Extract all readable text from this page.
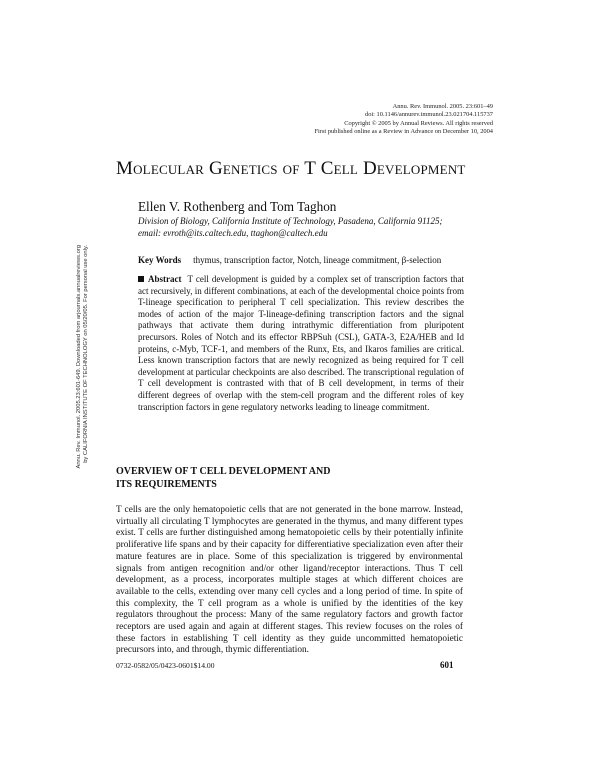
Annu. Rev. Immunol. 2005. 23:601–49
doi: 10.1146/annurev.immunol.23.021704.115737
Copyright © 2005 by Annual Reviews. All rights reserved
First published online as a Review in Advance on December 10, 2004
Molecular Genetics of T Cell Development
Ellen V. Rothenberg and Tom Taghon
Division of Biology, California Institute of Technology, Pasadena, California 91125;
email: evroth@its.caltech.edu, ttaghon@caltech.edu
Key Words thymus, transcription factor, Notch, lineage commitment, β-selection
Abstract T cell development is guided by a complex set of transcription factors that act recursively, in different combinations, at each of the developmental choice points from T-lineage specification to peripheral T cell specialization. This review describes the modes of action of the major T-lineage-defining transcription factors and the signal pathways that activate them during intrathymic differentiation from pluripotent precursors. Roles of Notch and its effector RBPSuh (CSL), GATA-3, E2A/HEB and Id proteins, c-Myb, TCF-1, and members of the Runx, Ets, and Ikaros families are critical. Less known transcription factors that are newly recognized as being required for T cell development at particular checkpoints are also described. The transcriptional regulation of T cell development is contrasted with that of B cell development, in terms of their different degrees of overlap with the stem-cell program and the different roles of key transcription factors in gene regulatory networks leading to lineage commitment.
Annu. Rev. Immunol. 2005.23:601-649. Downloaded from arjournals.annualreviews.org by CALIFORNIA INSTITUTE OF TECHNOLOGY on 05/20/05. For personal use only.
OVERVIEW OF T CELL DEVELOPMENT AND
ITS REQUIREMENTS
T cells are the only hematopoietic cells that are not generated in the bone marrow. Instead, virtually all circulating T lymphocytes are generated in the thymus, and many different types exist. T cells are further distinguished among hematopoietic cells by their potentially infinite proliferative life spans and by their capacity for differentiative specialization even after their mature features are in place. Some of this specialization is triggered by environmental signals from antigen recognition and/or other ligand/receptor interactions. Thus T cell development, as a process, incorporates multiple stages at which different choices are available to the cells, extending over many cell cycles and a long period of time. In spite of this complexity, the T cell program as a whole is unified by the identities of the key regulators throughout the process: Many of the same regulatory factors and growth factor receptors are used again and again at different stages. This review focuses on the roles of these factors in establishing T cell identity as they guide uncommitted hematopoietic precursors into, and through, thymic differentiation.
0732-0582/05/0423-0601$14.00	601
